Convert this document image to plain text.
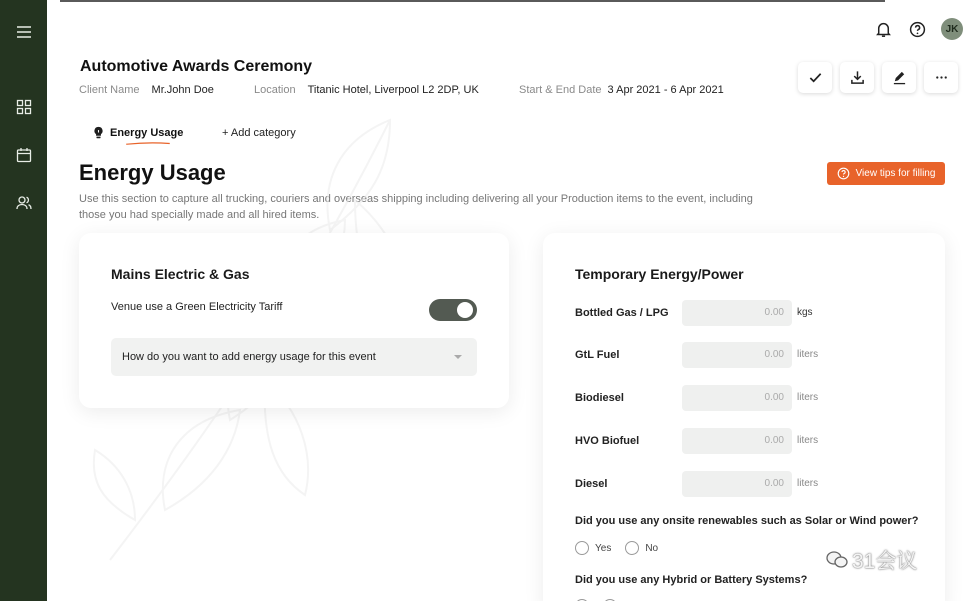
JK
Automotive Awards Ceremony
Client Name Mr.John Doe	Location Titanic Hotel, Liverpool L2 2DP, UK	Start & End Date 3 Apr 2021 - 6 Apr 2021
Energy Usage	+ Add category
Energy Usage
Use this section to capture all trucking, couriers and overseas shipping including delivering all your Production items to the event, including those you had specially made and all hired items.
View tips for filling
Mains Electric & Gas
Venue use a Green Electricity Tariff
How do you want to add energy usage for this event
Temporary Energy/Power
Bottled Gas / LPG	0.00	kgs
GtL Fuel	0.00	liters
Biodiesel	0.00	liters
HVO Biofuel	0.00	liters
Diesel	0.00	liters
Did you use any onsite renewables such as Solar or Wind power?
Yes	No
Did you use any Hybrid or Battery Systems?
31会议
